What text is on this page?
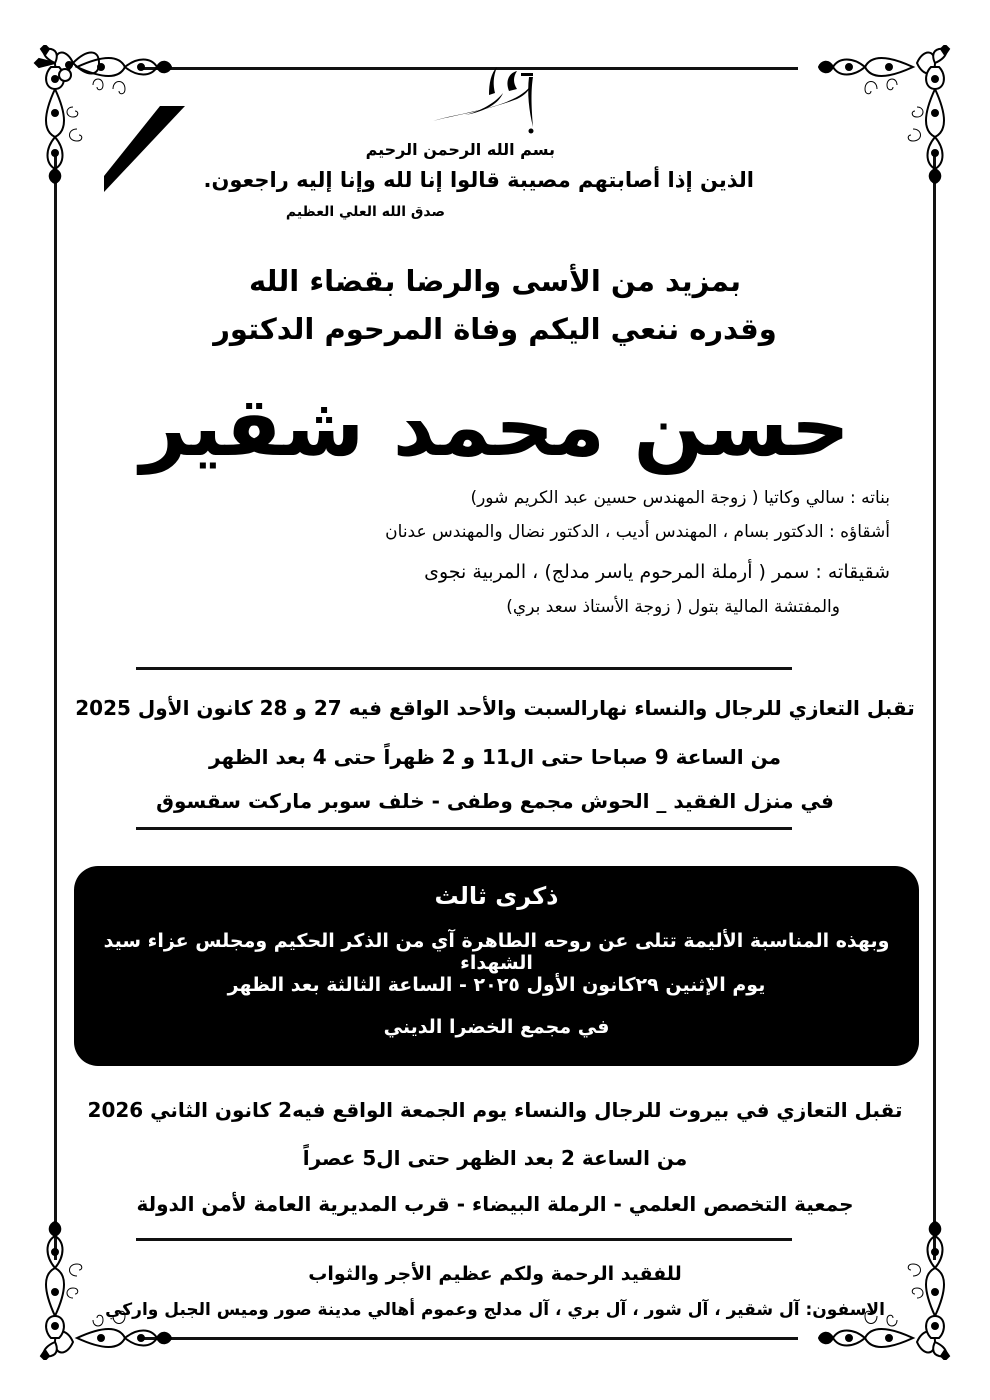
بسم الله الرحمن الرحيم
الذين إذا أصابتهم مصيبة قالوا إنا لله وإنا إليه راجعون.
صدق الله العلي العظيم
بمزيد من الأسى والرضا بقضاء الله
وقدره ننعي اليكم وفاة المرحوم الدكتور
حسن محمد شقير
بناته : سالي وكاتيا ( زوجة المهندس حسين عبد الكريم شور)
أشقاؤه : الدكتور بسام ، المهندس أديب ، الدكتور نضال والمهندس عدنان
شقيقاته : سمر ( أرملة المرحوم ياسر مدلج) ، المربية نجوى
والمفتشة المالية بتول ( زوجة الأستاذ سعد بري)
تقبل التعازي للرجال والنساء نهارالسبت والأحد الواقع فيه 27 و 28 كانون الأول 2025
من الساعة 9 صباحا حتى ال11 و 2 ظهراً حتى 4 بعد الظهر
في منزل الفقيد _ الحوش مجمع وطفى - خلف سوبر ماركت سقسوق
ذكرى ثالث
وبهذه المناسبة الأليمة تتلى عن روحه الطاهرة آي من الذكر الحكيم ومجلس عزاء سيد الشهداء
يوم الإثنين ٢٩كانون الأول ٢٠٢٥ - الساعة الثالثة بعد الظهر
في مجمع الخضرا الديني
تقبل التعازي في بيروت للرجال والنساء يوم الجمعة الواقع فيه2 كانون الثاني 2026
من الساعة 2 بعد الظهر حتى ال5 عصراً
جمعية التخصص العلمي - الرملة البيضاء - قرب المديرية العامة لأمن الدولة
للفقيد الرحمة ولكم عظيم الأجر والثواب
الاسفون: آل شقير ، آل شور ، آل بري ، آل مدلج وعموم أهالي مدينة صور وميس الجبل واركي
